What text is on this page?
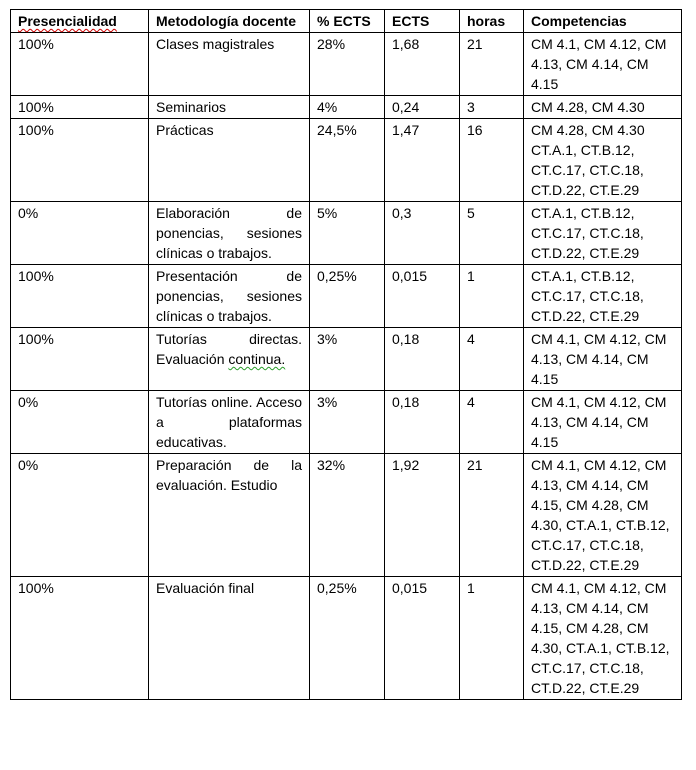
Presencialidad	Metodología docente	% ECTS	ECTS	horas	Competencias
100%	Clases magistrales	28%	1,68	21	CM 4.1, CM 4.12, CM 4.13, CM 4.14, CM 4.15
100%	Seminarios	4%	0,24	3	CM 4.28, CM 4.30
100%	Prácticas	24,5%	1,47	16	CM 4.28, CM 4.30 CT.A.1, CT.B.12, CT.C.17, CT.C.18, CT.D.22, CT.E.29
0%	Elaboración de ponencias, sesiones clínicas o trabajos.	5%	0,3	5	CT.A.1, CT.B.12, CT.C.17, CT.C.18, CT.D.22, CT.E.29
100%	Presentación de ponencias, sesiones clínicas o trabajos.	0,25%	0,015	1	CT.A.1, CT.B.12, CT.C.17, CT.C.18, CT.D.22, CT.E.29
100%	Tutorías directas. Evaluación continua.	3%	0,18	4	CM 4.1, CM 4.12, CM 4.13, CM 4.14, CM 4.15
0%	Tutorías online. Acceso a plataformas educativas.	3%	0,18	4	CM 4.1, CM 4.12, CM 4.13, CM 4.14, CM 4.15
0%	Preparación de la evaluación. Estudio	32%	1,92	21	CM 4.1, CM 4.12, CM 4.13, CM 4.14, CM 4.15, CM 4.28, CM 4.30, CT.A.1, CT.B.12, CT.C.17, CT.C.18, CT.D.22, CT.E.29
100%	Evaluación final	0,25%	0,015	1	CM 4.1, CM 4.12, CM 4.13, CM 4.14, CM 4.15, CM 4.28, CM 4.30, CT.A.1, CT.B.12, CT.C.17, CT.C.18, CT.D.22, CT.E.29
